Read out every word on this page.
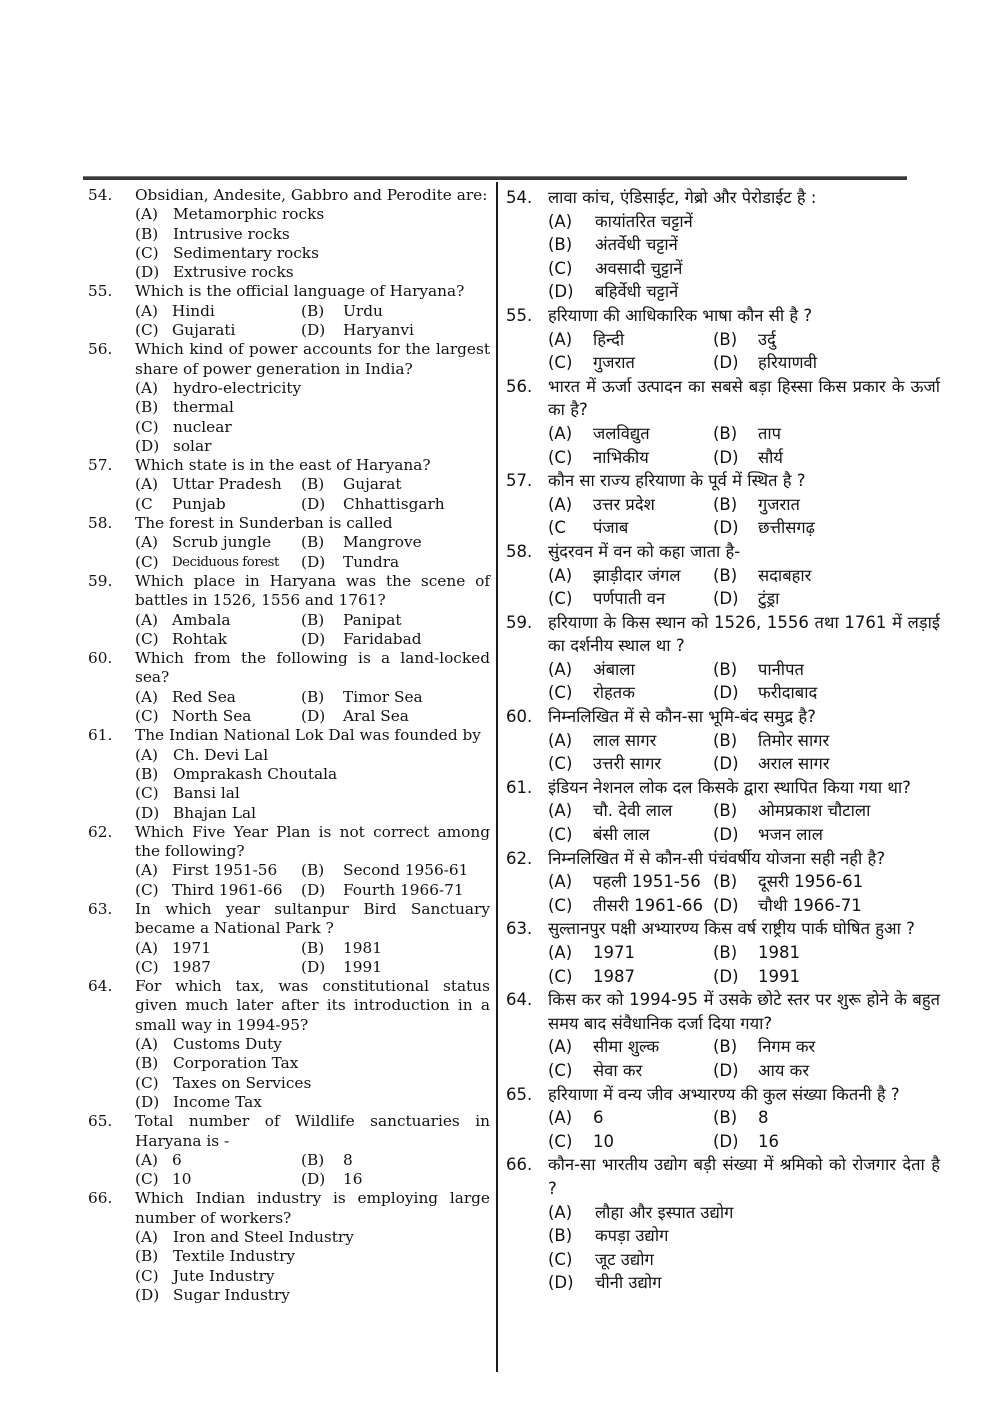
54.	Obsidian, Andesite, Gabbro and Perodite are:
(A) Metamorphic rocks
(B) Intrusive rocks
(C) Sedimentary rocks
(D) Extrusive rocks
55.	Which is the official language of Haryana?
(A) Hindi	(B)	Urdu
(C) Gujarati	(D)	Haryanvi
56.	Which kind of power accounts for the largest share of power generation in India?
(A) hydro-electricity
(B) thermal
(C) nuclear
(D) solar
57.	Which state is in the east of Haryana?
(A) Uttar Pradesh	(B)	Gujarat
(C	Punjab	(D)	Chhattisgarh
58.	The forest in Sunderban is called
(A) Scrub jungle	(B)	Mangrove
(C)	Deciduous forest	(D)	Tundra
59.	Which place in Haryana was the scene of battles in 1526, 1556 and 1761?
(A) Ambala	(B)	Panipat
(C) Rohtak	(D)	Faridabad
60.	Which from the following is a land-locked sea?
(A) Red Sea	(B)	Timor Sea
(C) North Sea	(D)	Aral Sea
61.	The Indian National Lok Dal was founded by
(A) Ch. Devi Lal
(B) Omprakash Choutala
(C) Bansi lal
(D) Bhajan Lal
62.	Which Five Year Plan is not correct among the following?
(A) First 1951-56	(B)	Second 1956-61
(C) Third 1961-66	(D)	Fourth 1966-71
63.	In which year sultanpur Bird Sanctuary became a National Park ?
(A) 1971	(B)	1981
(C) 1987	(D)	1991
64.	For which tax, was constitutional status given much later after its introduction in a small way in 1994-95?
(A) Customs Duty
(B) Corporation Tax
(C) Taxes on Services
(D) Income Tax
65.	Total number of Wildlife sanctuaries in Haryana is -
(A) 6	(B)	8
(C) 10	(D)	16
66.	Which Indian industry is employing large number of workers?
(A) Iron and Steel Industry
(B) Textile Industry
(C) Jute Industry
(D) Sugar Industry
54. लावा कांच, एंडिसाईट, गेब्रो और पेरोडाईट है :
(A)	कायांतरित चट्टानें
(B)	अंतर्वेधी चट्टानें
(C)	अवसादी चुट्टानें
(D)	बहिर्वेधी चट्टानें
55. हरियाणा की आधिकारिक भाषा कौन सी है ?
(A)	हिन्दी	(B)	उर्दु
(C)	गुजरात	(D)	हरियाणवी
56. भारत में ऊर्जा उत्पादन का सबसे बड़ा हिस्सा किस प्रकार के ऊर्जा का है?
(A)	जलविद्युत	(B)	ताप
(C)	नाभिकीय	(D)	सौर्य
57. कौन सा राज्य हरियाणा के पूर्व में स्थित है ?
(A)	उत्तर प्रदेश	(B)	गुजरात
(C	पंजाब	(D)	छत्तीसगढ़
58. सुंदरवन में वन को कहा जाता है-
(A)	झाड़ीदार जंगल	(B)	सदाबहार
(C)	पर्णपाती वन	(D)	टुंड्रा
59. हरियाणा के किस स्थान को 1526, 1556 तथा 1761 में लड़ाई का दर्शनीय स्थाल था ?
(A)	अंबाला	(B)	पानीपत
(C)	रोहतक	(D)	फरीदाबाद
60. निम्नलिखित में से कौन-सा भूमि-बंद समुद्र है?
(A)	लाल सागर	(B)	तिमोर सागर
(C)	उत्तरी सागर	(D)	अराल सागर
61. इंडियन नेशनल लोक दल किसके द्वारा स्थापित किया गया था?
(A)	चौ. देवी लाल	(B)	ओमप्रकाश चौटाला
(C)	बंसी लाल	(D)	भजन लाल
62. निम्नलिखित में से कौन-सी पंचंवर्षीय योजना सही नही है?
(A)	पहली 1951-56 (B)	दूसरी 1956-61
(C)	तीसरी 1961-66 (D)	चौथी 1966-71
63. सुल्तानपुर पक्षी अभ्यारण्य किस वर्ष राष्ट्रीय पार्क घोषित हुआ ?
(A)	1971	(B)	1981
(C)	1987	(D)	1991
64. किस कर को 1994-95 में उसके छोटे स्तर पर शुरू होने के बहुत समय बाद संवैधानिक दर्जा दिया गया?
(A)	सीमा शुल्क	(B)	निगम कर
(C)	सेवा कर	(D)	आय कर
65. हरियाणा में वन्य जीव अभ्यारण्य की कुल संख्या कितनी है ?
(A)	6	(B)	8
(C)	10	(D)	16
66. कौन-सा भारतीय उद्योग बड़ी संख्या में श्रमिको को रोजगार देता है ?
(A)	लौहा और इस्पात उद्योग
(B)	कपड़ा उद्योग
(C)	जूट उद्योग
(D)	चीनी उद्योग
